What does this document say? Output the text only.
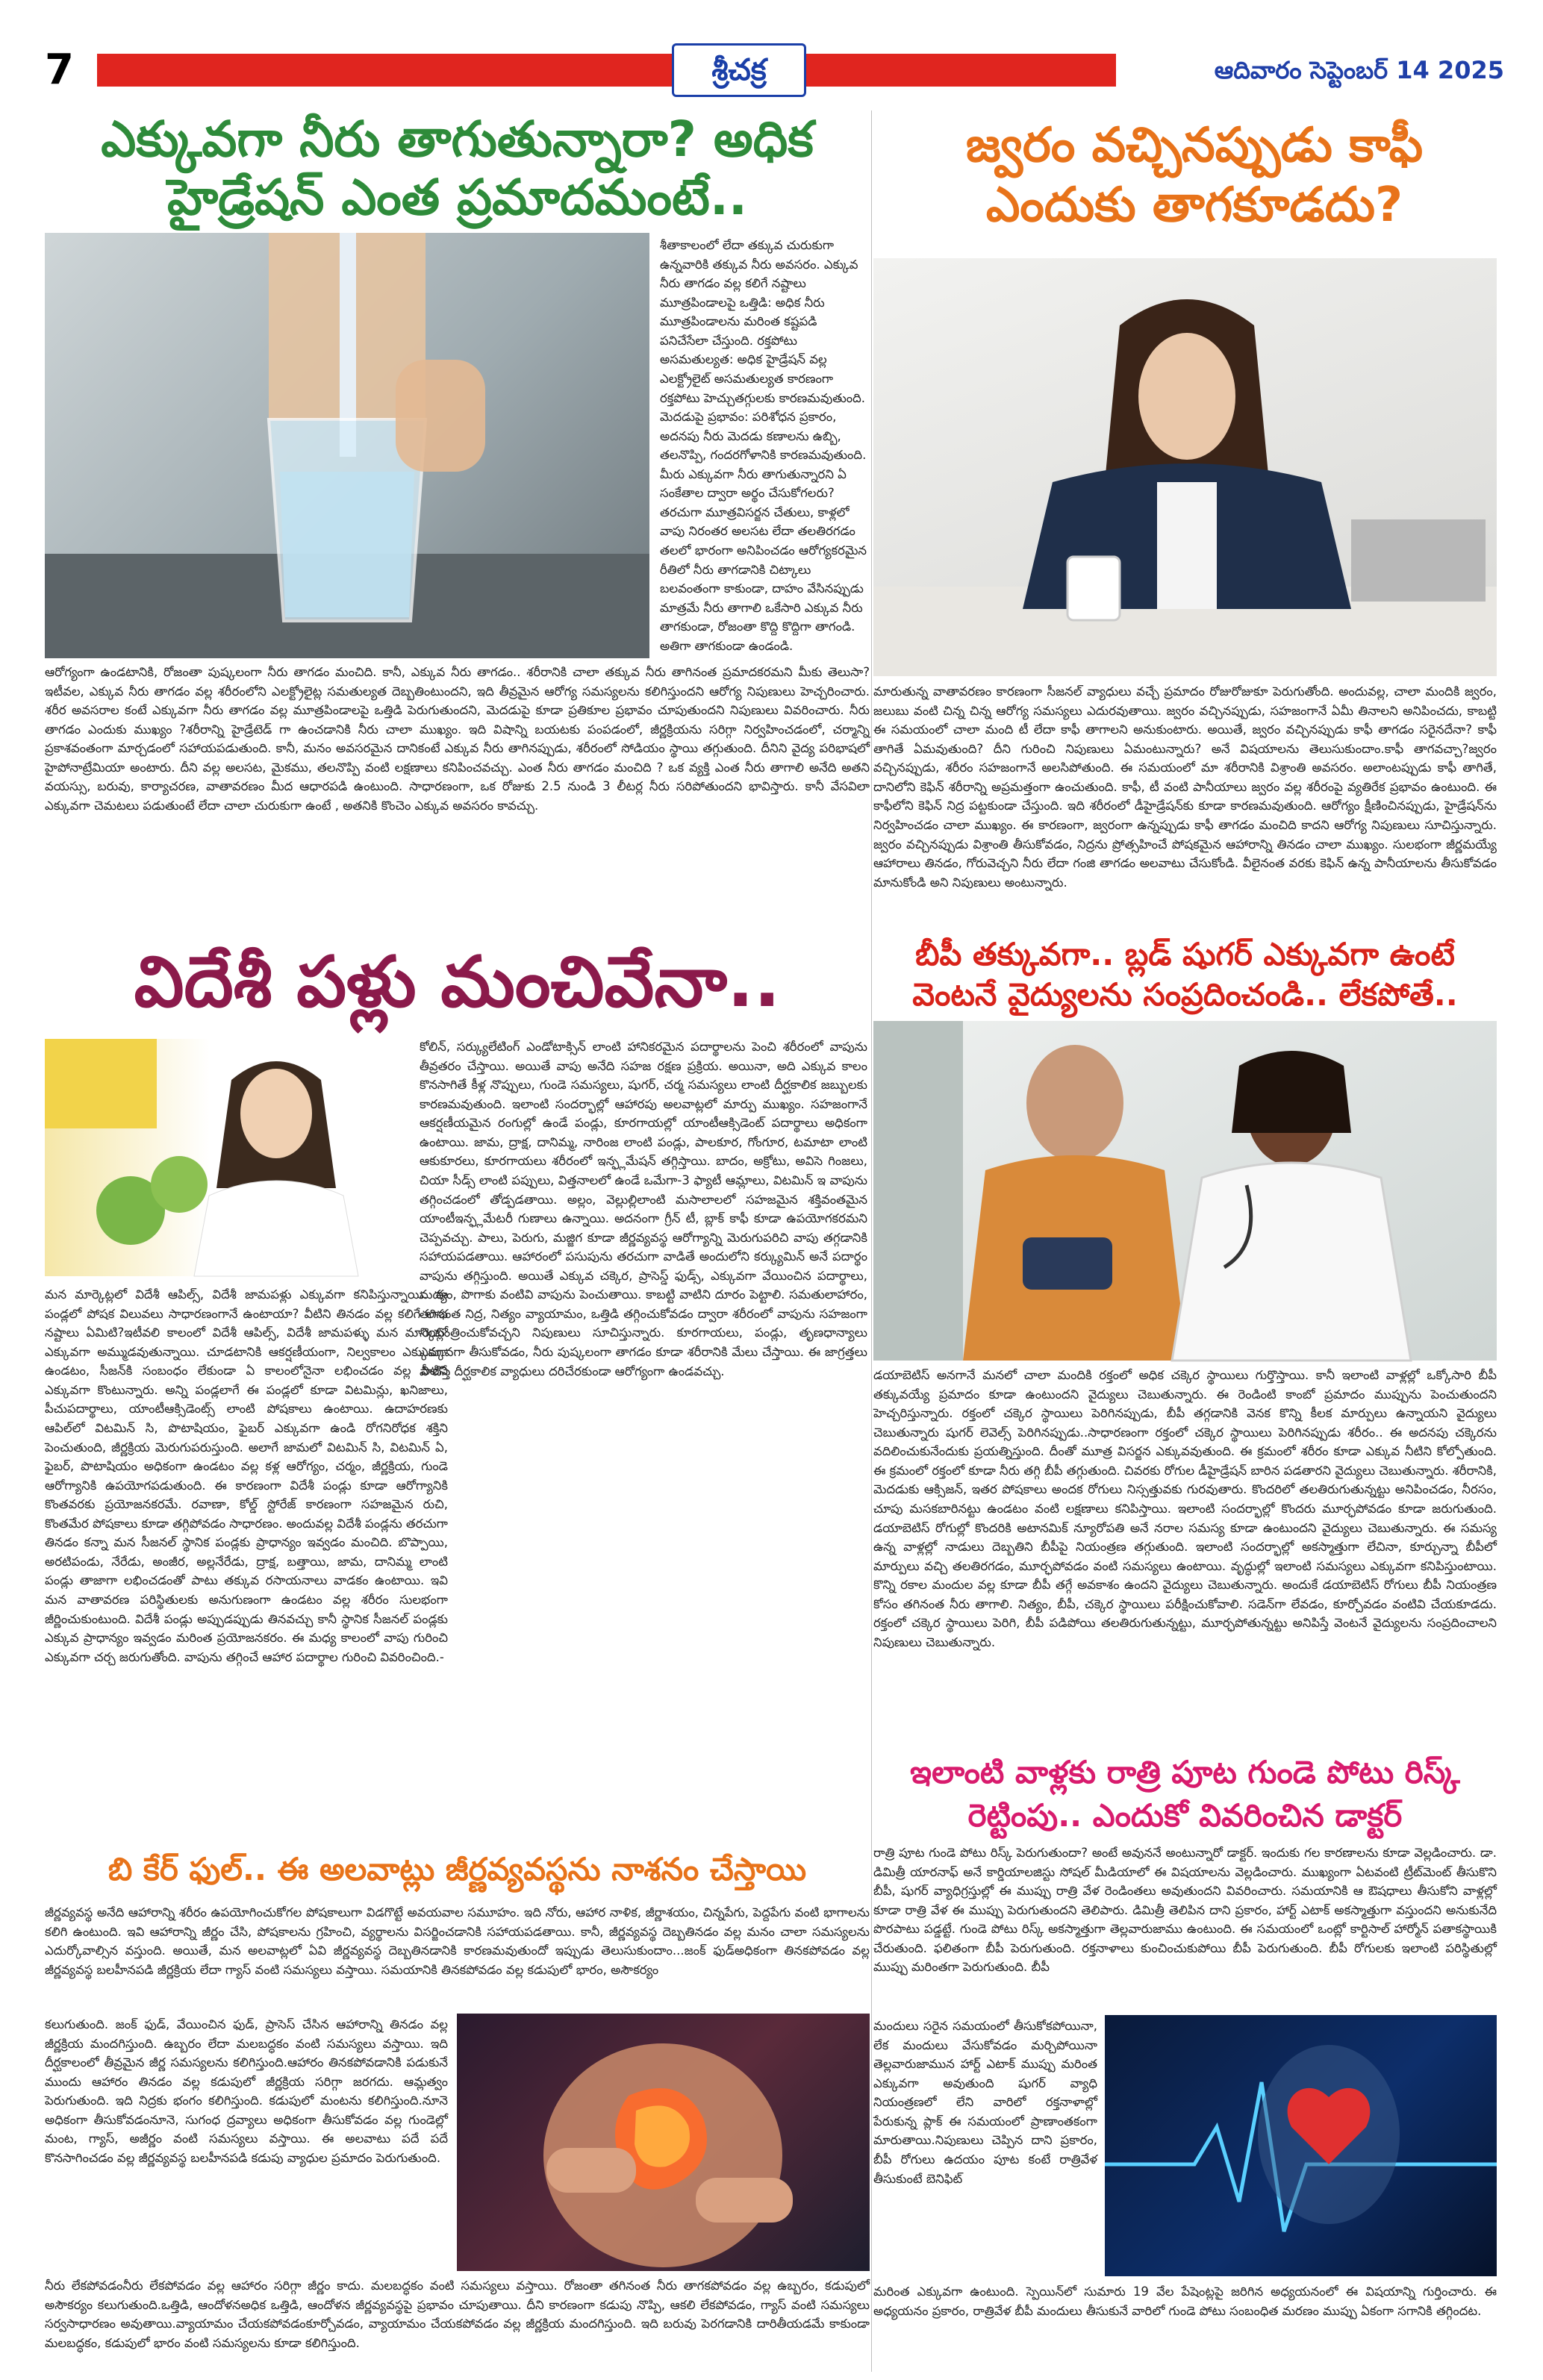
7	శ్రీచక్ర	ఆదివారం సెప్టెంబర్ 14 2025
ఎక్కువగా నీరు తాగుతున్నారా? అధిక
హైడ్రేషన్ ఎంత ప్రమాదమంటే..
శీతాకాలంలో లేదా తక్కువ చురుకుగా ఉన్నవారికి తక్కువ నీరు అవసరం. ఎక్కువ నీరు తాగడం వల్ల కలిగే నష్టాలు మూత్రపిండాలపై ఒత్తిడి: అధిక నీరు మూత్రపిండాలను మరింత కష్టపడి పనిచేసేలా చేస్తుంది. రక్తపోటు అసమతుల్యత: అధిక హైడ్రేషన్ వల్ల ఎలక్ట్రోలైట్ అసమతుల్యత కారణంగా రక్తపోటు హెచ్చుతగ్గులకు కారణమవుతుంది. మెదడుపై ప్రభావం: పరిశోధన ప్రకారం, అదనపు నీరు మెదడు కణాలను ఉబ్బి, తలనొప్పి, గందరగోళానికి కారణమవుతుంది. మీరు ఎక్కువగా నీరు తాగుతున్నారని ఏ సంకేతాల ద్వారా అర్థం చేసుకోగలరు? తరచుగా మూత్రవిసర్జన చేతులు, కాళ్లలో వాపు నిరంతర అలసట లేదా తలతిరగడం తలలో భారంగా అనిపించడం ఆరోగ్యకరమైన రీతిలో నీరు తాగడానికి చిట్కాలు బలవంతంగా కాకుండా, దాహం వేసినప్పుడు మాత్రమే నీరు తాగాలి ఒకేసారి ఎక్కువ నీరు తాగకుండా, రోజంతా కొద్ది కొద్దిగా తాగండి. అతిగా తాగకుండా ఉండండి.
ఆరోగ్యంగా ఉండటానికి, రోజంతా పుష్కలంగా నీరు తాగడం మంచిది. కానీ, ఎక్కువ నీరు తాగడం.. శరీరానికి చాలా తక్కువ నీరు తాగినంత ప్రమాదకరమని మీకు తెలుసా? ఇటీవల, ఎక్కువ నీరు తాగడం వల్ల శరీరంలోని ఎలక్ట్రోలైట్ల సమతుల్యత దెబ్బతింటుందని, ఇది తీవ్రమైన ఆరోగ్య సమస్యలను కలిగిస్తుందని ఆరోగ్య నిపుణులు హెచ్చరించారు. శరీర అవసరాల కంటే ఎక్కువగా నీరు తాగడం వల్ల మూత్రపిండాలపై ఒత్తిడి పెరుగుతుందని, మెదడుపై కూడా ప్రతికూల ప్రభావం చూపుతుందని నిపుణులు వివరించారు. నీరు తాగడం ఎందుకు ముఖ్యం ?శరీరాన్ని హైడ్రేటెడ్ గా ఉంచడానికి నీరు చాలా ముఖ్యం. ఇది విషాన్ని బయటకు పంపడంలో, జీర్ణక్రియను సరిగ్గా నిర్వహించడంలో, చర్మాన్ని ప్రకాశవంతంగా మార్చడంలో సహాయపడుతుంది. కానీ, మనం అవసరమైన దానికంటే ఎక్కువ నీరు తాగినప్పుడు, శరీరంలో సోడియం స్థాయి తగ్గుతుంది. దీనిని వైద్య పరిభాషలో హైపోనాట్రేమియా అంటారు. దీని వల్ల అలసట, మైకము, తలనొప్పి వంటి లక్షణాలు కనిపించవచ్చు. ఎంత నీరు తాగడం మంచిది ? ఒక వ్యక్తి ఎంత నీరు తాగాలి అనేది అతని వయస్సు, బరువు, కార్యాచరణ, వాతావరణం మీద ఆధారపడి ఉంటుంది. సాధారణంగా, ఒక రోజుకు 2.5 నుండి 3 లీటర్ల నీరు సరిపోతుందని భావిస్తారు. కానీ వేసవిలా ఎక్కువగా చెమటలు పడుతుంటే లేదా చాలా చురుకుగా ఉంటే , అతనికి కొంచెం ఎక్కువ అవసరం కావచ్చు.
జ్వరం వచ్చినప్పుడు కాఫీ
ఎందుకు తాగకూడదు?
మారుతున్న వాతావరణం కారణంగా సీజనల్ వ్యాధులు వచ్చే ప్రమాదం రోజురోజుకూ పెరుగుతోంది. అందువల్ల, చాలా మందికి జ్వరం, జలుబు వంటి చిన్న చిన్న ఆరోగ్య సమస్యలు ఎదురవుతాయి. జ్వరం వచ్చినప్పుడు, సహజంగానే ఏమీ తినాలని అనిపించదు, కాబట్టి ఈ సమయంలో చాలా మంది టీ లేదా కాఫీ తాగాలని అనుకుంటారు. అయితే, జ్వరం వచ్చినప్పుడు కాఫీ తాగడం సరైనదేనా? కాఫీ తాగితే ఏమవుతుంది? దీని గురించి నిపుణులు ఏమంటున్నారు? అనే విషయాలను తెలుసుకుందాం.కాఫీ తాగవచ్చా?జ్వరం వచ్చినప్పుడు, శరీరం సహజంగానే అలసిపోతుంది. ఈ సమయంలో మా శరీరానికి విశ్రాంతి అవసరం. అలాంటప్పుడు కాఫీ తాగితే, దానిలోని కెఫిన్ శరీరాన్ని అప్రమత్తంగా ఉంచుతుంది. కాఫీ, టీ వంటి పానీయాలు జ్వరం వల్ల శరీరంపై వ్యతిరేక ప్రభావం ఉంటుంది. ఈ కాఫీలోని కెఫిన్ నిద్ర పట్టకుండా చేస్తుంది. ఇది శరీరంలో డీహైడ్రేషన్‌కు కూడా కారణమవుతుంది. ఆరోగ్యం క్షీణించినప్పుడు, హైడ్రేషన్‌ను నిర్వహించడం చాలా ముఖ్యం. ఈ కారణంగా, జ్వరంగా ఉన్నప్పుడు కాఫీ తాగడం మంచిది కాదని ఆరోగ్య నిపుణులు సూచిస్తున్నారు. జ్వరం వచ్చినప్పుడు విశ్రాంతి తీసుకోవడం, నిద్రను ప్రోత్సహించే పోషకమైన ఆహారాన్ని తినడం చాలా ముఖ్యం. సులభంగా జీర్ణమయ్యే ఆహారాలు తినడం, గోరువెచ్చని నీరు లేదా గంజి తాగడం అలవాటు చేసుకోండి. వీలైనంత వరకు కెఫిన్ ఉన్న పానీయాలను తీసుకోవడం మానుకోండి అని నిపుణులు అంటున్నారు.
విదేశీ పళ్లు మంచివేనా..
కోలిన్, సర్క్యులేటింగ్ ఎండోటాక్సిన్ లాంటి హానికరమైన పదార్థాలను పెంచి శరీరంలో వాపును తీవ్రతరం చేస్తాయి. అయితే వాపు అనేది సహజ రక్షణ ప్రక్రియ. అయినా, అది ఎక్కువ కాలం కొనసాగితే కీళ్ల నొప్పులు, గుండె సమస్యలు, షుగర్, చర్మ సమస్యలు లాంటి దీర్ఘకాలిక జబ్బులకు కారణమవుతుంది. ఇలాంటి సందర్భాల్లో ఆహారపు అలవాట్లలో మార్పు ముఖ్యం. సహజంగానే ఆకర్షణీయమైన రంగుల్లో ఉండే పండ్లు, కూరగాయల్లో యాంటీఆక్సిడెంట్ పదార్థాలు అధికంగా ఉంటాయి. జామ, ద్రాక్ష, దానిమ్మ, నారింజ లాంటి పండ్లు, పాలకూర, గోంగూర, టమాటా లాంటి ఆకుకూరలు, కూరగాయలు శరీరంలో ఇన్ఫ్లమేషన్ తగ్గిస్తాయి. బాదం, అక్రోటు, అవిసె గింజలు, చియా సీడ్స్ లాంటి పప్పులు, విత్తనాలలో ఉండే ఒమేగా-3 ఫ్యాటీ ఆమ్లాలు, విటమిన్ ఇ వాపును తగ్గించడంలో తోడ్పడతాయి. అల్లం, వెల్లుల్లిలాంటి మసాలాలలో సహజమైన శక్తివంతమైన యాంటీఇన్ఫ్లమేటరీ గుణాలు ఉన్నాయి. అదనంగా గ్రీన్ టీ, బ్లాక్ కాఫీ కూడా ఉపయోగకరమని చెప్పవచ్చు. పాలు, పెరుగు, మజ్జిగ కూడా జీర్ణవ్యవస్థ ఆరోగ్యాన్ని మెరుగుపరిచి వాపు తగ్గడానికి సహాయపడతాయి. ఆహారంలో పసుపును తరచుగా వాడితే అందులోని కర్క్యుమిన్ అనే పదార్థం వాపును తగ్గిస్తుంది. అయితే ఎక్కువ చక్కెర, ప్రాసెస్డ్ ఫుడ్స్, ఎక్కువగా వేయించిన పదార్థాలు, మద్యం, పొగాకు వంటివి వాపును పెంచుతాయి. కాబట్టి వాటిని దూరం పెట్టాలి. సమతులాహారం, తగినంత నిద్ర, నిత్యం వ్యాయామం, ఒత్తిడి తగ్గించుకోవడం ద్వారా శరీరంలో వాపును సహజంగా నియంత్రించుకోవచ్చని నిపుణులు సూచిస్తున్నారు. కూరగాయలు, పండ్లు, తృణధాన్యాలు ఎక్కువగా తీసుకోవడం, నీరు పుష్కలంగా తాగడం కూడా శరీరానికి మేలు చేస్తాయి. ఈ జాగ్రత్తలు పాటిస్తే దీర్ఘకాలిక వ్యాధులు దరిచేరకుండా ఆరోగ్యంగా ఉండవచ్చు.
మన మార్కెట్లలో విదేశీ ఆపిల్స్, విదేశీ జామపళ్లు ఎక్కువగా కనిపిస్తున్నాయి. ఈ పండ్లలో పోషక విలువలు సాధారణంగానే ఉంటాయా? వీటిని తినడం వల్ల కలిగే లాభ నష్టాలు ఏమిటి?ఇటీవలి కాలంలో విదేశీ ఆపిల్స్, విదేశీ జామపళ్ళు మన మార్కెట్లో ఎక్కువగా అమ్ముడవుతున్నాయి. చూడటానికి ఆకర్షణీయంగా, నిల్వకాలం ఎక్కువగా ఉండటం, సీజన్‌కి సంబంధం లేకుండా ఏ కాలంలోనైనా లభించడం వల్ల వీటిని ఎక్కువగా కొంటున్నారు. అన్ని పండ్లలాగే ఈ పండ్లలో కూడా విటమిన్లు, ఖనిజాలు, పీచుపదార్థాలు, యాంటీఆక్సిడెంట్స్ లాంటి పోషకాలు ఉంటాయి. ఉదాహరణకు ఆపిల్‌లో విటమిన్ సి, పొటాషియం, ఫైబర్ ఎక్కువగా ఉండి రోగనిరోధక శక్తిని పెంచుతుంది, జీర్ణక్రియ మెరుగుపరుస్తుంది. అలాగే జామలో విటమిన్ సి, విటమిన్ ఏ, ఫైబర్, పొటాషియం అధికంగా ఉండటం వల్ల కళ్ల ఆరోగ్యం, చర్మం, జీర్ణక్రియ, గుండె ఆరోగ్యానికి ఉపయోగపడుతుంది. ఈ కారణంగా విదేశీ పండ్లు కూడా ఆరోగ్యానికి కొంతవరకు ప్రయోజనకరమే. రవాణా, కోల్డ్ స్టోరేజ్ కారణంగా సహజమైన రుచి, కొంతమేర పోషకాలు కూడా తగ్గిపోవడం సాధారణం. అందువల్ల విదేశీ పండ్లను తరచుగా తినడం కన్నా మన సీజనల్ స్థానిక పండ్లకు ప్రాధాన్యం ఇవ్వడం మంచిది. బొప్పాయి, అరటిపండు, నేరేడు, అంజీర, అల్లనేరేడు, ద్రాక్ష, బత్తాయి, జామ, దానిమ్మ లాంటి పండ్లు తాజాగా లభించడంతో పాటు తక్కువ రసాయనాలు వాడకం ఉంటాయి. ఇవి మన వాతావరణ పరిస్థితులకు అనుగుణంగా ఉండటం వల్ల శరీరం సులభంగా జీర్ణించుకుంటుంది. విదేశీ పండ్లు అప్పుడప్పుడు తినవచ్చు కానీ స్థానిక సీజనల్ పండ్లకు ఎక్కువ ప్రాధాన్యం ఇవ్వడం మరింత ప్రయోజనకరం. ఈ మధ్య కాలంలో వాపు గురించి ఎక్కువగా చర్చ జరుగుతోంది. వాపును తగ్గించే ఆహార పదార్థాల గురించి వివరించింది.-
బి కేర్ ఫుల్.. ఈ అలవాట్లు జీర్ణవ్యవస్థను నాశనం చేస్తాయి
జీర్ణవ్యవస్థ అనేది ఆహారాన్ని శరీరం ఉపయోగించుకోగల పోషకాలుగా విడగొట్టే అవయవాల సమూహం. ఇది నోరు, ఆహార నాళిక, జీర్ణాశయం, చిన్నపేగు, పెద్దపేగు వంటి భాగాలను కలిగి ఉంటుంది. ఇవి ఆహారాన్ని జీర్ణం చేసి, పోషకాలను గ్రహించి, వ్యర్థాలను విసర్జించడానికి సహాయపడతాయి. కానీ, జీర్ణవ్యవస్థ దెబ్బతినడం వల్ల మనం చాలా సమస్యలను ఎదుర్కోవాల్సిన వస్తుంది. అయితే, మన అలవాట్లలో ఏవి జీర్ణవ్యవస్థ దెబ్బతినడానికి కారణమవుతుందో ఇప్పుడు తెలుసుకుందాం...జంక్ ఫుడ్అధికంగా తినకపోవడం వల్ల జీర్ణవ్యవస్థ బలహీనపడి జీర్ణక్రియ లేదా గ్యాస్ వంటి సమస్యలు వస్తాయి. సమయానికి తినకపోవడం వల్ల కడుపులో భారం, అసౌకర్యం
కలుగుతుంది. జంక్ ఫుడ్, వేయించిన ఫుడ్, ప్రాసెస్ చేసిన ఆహారాన్ని తినడం వల్ల జీర్ణక్రియ మందగిస్తుంది. ఉబ్బరం లేదా మలబద్ధకం వంటి సమస్యలు వస్తాయి. ఇది దీర్ఘకాలంలో తీవ్రమైన జీర్ణ సమస్యలను కలిగిస్తుంది.ఆహారం తినకపోవడానికి పడుకునే ముందు ఆహారం తినడం వల్ల కడుపులో జీర్ణక్రియ సరిగ్గా జరగదు. ఆమ్లత్వం పెరుగుతుంది. ఇది నిద్రకు భంగం కలిగిస్తుంది. కడుపులో మంటను కలిగిస్తుంది.నూనె అధికంగా తీసుకోవడంనూనె, సుగంధ ద్రవ్యాలు అధికంగా తీసుకోవడం వల్ల గుండెల్లో మంట, గ్యాస్, అజీర్ణం వంటి సమస్యలు వస్తాయి. ఈ అలవాటు పదే పదే కొనసాగించడం వల్ల జీర్ణవ్యవస్థ బలహీనపడి కడుపు వ్యాధుల ప్రమాదం పెరుగుతుంది.
నీరు లేకపోవడంనీరు లేకపోవడం వల్ల ఆహారం సరిగ్గా జీర్ణం కాదు. మలబద్ధకం వంటి సమస్యలు వస్తాయి. రోజంతా తగినంత నీరు తాగకపోవడం వల్ల ఉబ్బరం, కడుపులో అసౌకర్యం కలుగుతుంది.ఒత్తిడి, ఆందోళనఅధిక ఒత్తిడి, ఆందోళన జీర్ణవ్యవస్థపై ప్రభావం చూపుతాయి. దీని కారణంగా కడుపు నొప్పి, ఆకలి లేకపోవడం, గ్యాస్ వంటి సమస్యలు సర్వసాధారణం అవుతాయి.వ్యాయామం చేయకపోవడంకూర్చోవడం, వ్యాయామం చేయకపోవడం వల్ల జీర్ణక్రియ మందగిస్తుంది. ఇది బరువు పెరగడానికి దారితీయడమే కాకుండా మలబద్ధకం, కడుపులో భారం వంటి సమస్యలను కూడా కలిగిస్తుంది.
బీపీ తక్కువగా.. బ్లడ్ షుగర్ ఎక్కువగా ఉంటే
వెంటనే వైద్యులను సంప్రదించండి.. లేకపోతే..
డయాబెటిస్ అనగానే మనలో చాలా మందికి రక్తంలో అధిక చక్కెర స్థాయిలు గుర్తొస్తాయి. కానీ ఇలాంటి వాళ్లల్లో ఒక్కోసారి బీపీ తక్కువయ్యే ప్రమాదం కూడా ఉంటుందని వైద్యులు చెబుతున్నారు. ఈ రెండింటి కాంబో ప్రమాదం ముప్పును పెంచుతుందని హెచ్చరిస్తున్నారు. రక్తంలో చక్కెర స్థాయిలు పెరిగినప్పుడు, బీపీ తగ్గడానికి వెనక కొన్ని కీలక మార్పులు ఉన్నాయని వైద్యులు చెబుతున్నారు షుగర్ లెవెల్స్ పెరిగినప్పుడు..సాధారణంగా రక్తంలో చక్కెర స్థాయిలు పెరిగినప్పుడు శరీరం.. ఈ అదనపు చక్కెరను వదిలించుకునేందుకు ప్రయత్నిస్తుంది. దీంతో మూత్ర విసర్జన ఎక్కువవుతుంది. ఈ క్రమంలో శరీరం కూడా ఎక్కువ నీటిని కోల్పోతుంది. ఈ క్రమంలో రక్తంలో కూడా నీరు తగ్గి బీపీ తగ్గుతుంది. చివరకు రోగుల డీహైడ్రేషన్ బారిన పడతారని వైద్యులు చెబుతున్నారు. శరీరానికి, మెదడుకు ఆక్సిజన్, ఇతర పోషకాలు అందక రోగులు నిస్సత్తువకు గురవుతారు. కొందరిలో తలతిరుగుతున్నట్టు అనిపించడం, నీరసం, చూపు మసకబారినట్టు ఉండటం వంటి లక్షణాలు కనిపిస్తాయి. ఇలాంటి సందర్భాల్లో కొందరు మూర్ఛపోవడం కూడా జరుగుతుంది. డయాబెటిస్ రోగుల్లో కొందరికి అటానమిక్ న్యూరోపతి అనే నరాల సమస్య కూడా ఉంటుందని వైద్యులు చెబుతున్నారు. ఈ సమస్య ఉన్న వాళ్లల్లో నాడులు దెబ్బతిని బీపీపై నియంత్రణ తగ్గుతుంది. ఇలాంటి సందర్భాల్లో అకస్మాత్తుగా లేచినా, కూర్చున్నా బీపీలో మార్పులు వచ్చి తలతిరగడం, మూర్ఛపోవడం వంటి సమస్యలు ఉంటాయి. వృద్ధుల్లో ఇలాంటి సమస్యలు ఎక్కువగా కనిపిస్తుంటాయి. కొన్ని రకాల మందుల వల్ల కూడా బీపీ తగ్గే అవకాశం ఉందని వైద్యులు చెబుతున్నారు. అందుకే డయాబెటిస్ రోగులు బీపీ నియంత్రణ కోసం తగినంత నీరు తాగాలి. నిత్యం, బీపీ, చక్కెర స్థాయిలు పరీక్షించుకోవాలి. సడెన్‌గా లేవడం, కూర్చోవడం వంటివి చేయకూడదు. రక్తంలో చక్కెర స్థాయిలు పెరిగి, బీపీ పడిపోయి తలతిరుగుతున్నట్టు, మూర్ఛపోతున్నట్టు అనిపిస్తే వెంటనే వైద్యులను సంప్రదించాలని నిపుణులు చెబుతున్నారు.
ఇలాంటి వాళ్లకు రాత్రి పూట గుండె పోటు రిస్క్
రెట్టింపు.. ఎందుకో వివరించిన డాక్టర్
రాత్రి పూట గుండె పోటు రిస్క్ పెరుగుతుందా? అంటే అవుననే అంటున్నారో డాక్టర్. ఇందుకు గల కారణాలను కూడా వెల్లడించారు. డా. డిమిత్రీ యారనాఫ్ అనే కార్డియాలజిస్టు సోషల్ మీడియాలో ఈ విషయాలను వెల్లడించారు. ముఖ్యంగా ఏటవంటి ట్రీట్‌మెంట్ తీసుకొని బీపీ, షుగర్ వ్యాధిగ్రస్తుల్లో ఈ ముప్పు రాత్రి వేళ రెండింతలు అవుతుందని వివరించారు. సమయానికి ఆ ఔషధాలు తీసుకోని వాళ్లల్లో కూడా రాత్రి వేళ ఈ ముప్పు పెరుగుతుందని తెలిపారు. డిమిత్రీ తెలిపిన దాని ప్రకారం, హార్ట్ ఎటాక్ అకస్మాత్తుగా వస్తుందని అనుకునేది పొరపాటు పడ్డట్టే. గుండె పోటు రిస్క్ అకస్మాత్తుగా తెల్లవారుజాము ఉంటుంది. ఈ సమయంలో ఒంట్లో కార్టిసాల్ హార్మోన్ పతాకస్థాయికి చేరుతుంది. ఫలితంగా బీపీ పెరుగుతుంది. రక్తనాళాలు కుంచించుకుపోయి బీపీ పెరుగుతుంది. బీపీ రోగులకు ఇలాంటి పరిస్థితుల్లో ముప్పు మరింతగా పెరుగుతుంది. బీపీ
మందులు సరైన సమయంలో తీసుకోకపోయినా, లేక మందులు వేసుకోవడం మర్చిపోయినా తెల్లవారుజామున హార్ట్ ఎటాక్ ముప్పు మరింత ఎక్కువగా అవుతుంది షుగర్ వ్యాధి నియంత్రణలో లేని వారిలో రక్తనాళాల్లో పేరుకున్న ప్లాక్ ఈ సమయంలో ప్రాణాంతకంగా మారుతాయి.నిపుణులు చెప్పిన దాని ప్రకారం, బీపీ రోగులు ఉదయం పూట కంటే రాత్రివేళ తీసుకుంటే బెనిఫిట్
మరింత ఎక్కువగా ఉంటుంది. స్పెయిన్‌లో సుమారు 19 వేల పేషెంట్లపై జరిగిన అధ్యయనంలో ఈ విషయాన్ని గుర్తించారు. ఈ అధ్యయనం ప్రకారం, రాత్రివేళ బీపీ మందులు తీసుకునే వారిలో గుండె పోటు సంబంధిత మరణం ముప్పు ఏకంగా సగానికి తగ్గిందట.
